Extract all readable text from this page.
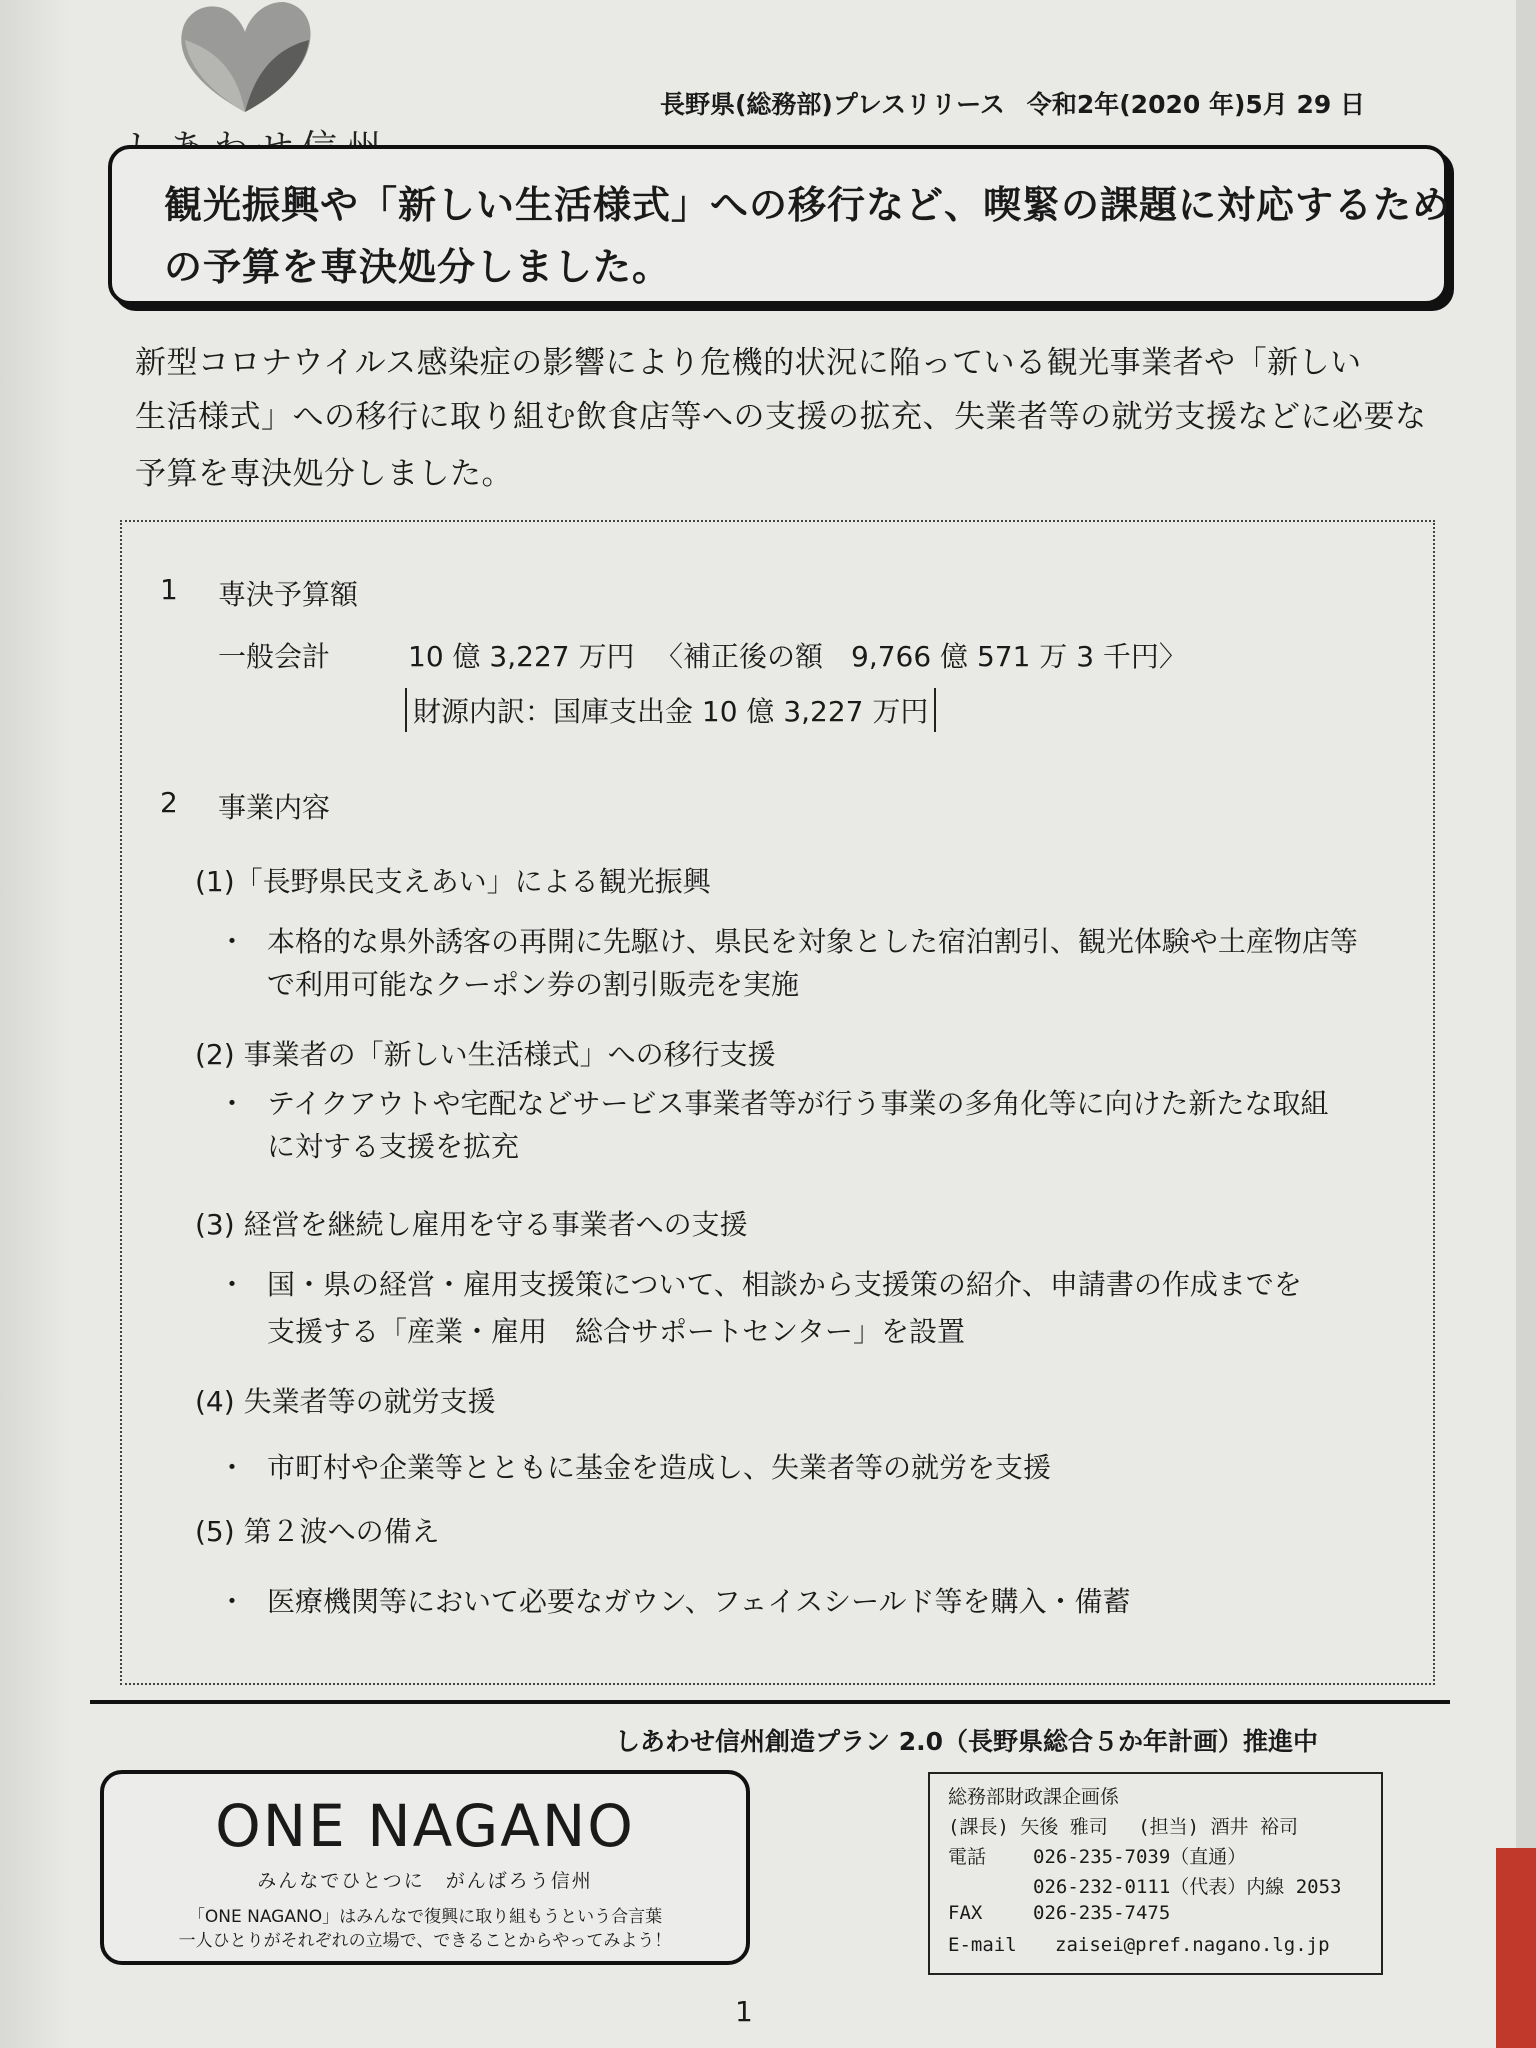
長野県(総務部)プレスリリース 令和2年(2020 年)5月 29 日

観光振興や「新しい生活様式」への移行など、喫緊の課題に対応するため

の予算を専決処分しました。

新型コロナウイルス感染症の影響により危機的状況に陥っている観光事業者や「新しい
生活様式」への移行に取り組む飲食店等への支援の拡充、失業者等の就労支援などに必要な
予算を専決処分しました。
1 専決予算額
一般会計	10 億 3,227 万円 〈補正後の額　9,766 億 571 万 3 千円〉
財源内訳：国庫支出金 10 億 3,227 万円
2 事業内容
(1)「長野県民支えあい」による観光振興
・ 本格的な県外誘客の再開に先駆け、県民を対象とした宿泊割引、観光体験や土産物店等
で利用可能なクーポン券の割引販売を実施
(2) 事業者の「新しい生活様式」への移行支援
・ テイクアウトや宅配などサービス事業者等が行う事業の多角化等に向けた新たな取組
に対する支援を拡充
(3) 経営を継続し雇用を守る事業者への支援
・ 国・県の経営・雇用支援策について、相談から支援策の紹介、申請書の作成までを
支援する「産業・雇用　総合サポートセンター」を設置
(4) 失業者等の就労支援
・ 市町村や企業等とともに基金を造成し、失業者等の就労を支援
(5) 第２波への備え
・ 医療機関等において必要なガウン、フェイスシールド等を購入・備蓄
しあわせ信州創造プラン 2.0（長野県総合５か年計画）推進中
ONE NAGANO
みんなでひとつに　がんばろう信州
「ONE NAGANO」はみんなで復興に取り組もうという合言葉
一人ひとりがそれぞれの立場で、できることからやってみよう！
総務部財政課企画係
(課長) 矢後 雅司　 (担当) 酒井 裕司
電話 026-235-7039（直通）
026-232-0111（代表）内線 2053
FAX	026-235-7475
E-mail zaisei@pref.nagano.lg.jp
1
